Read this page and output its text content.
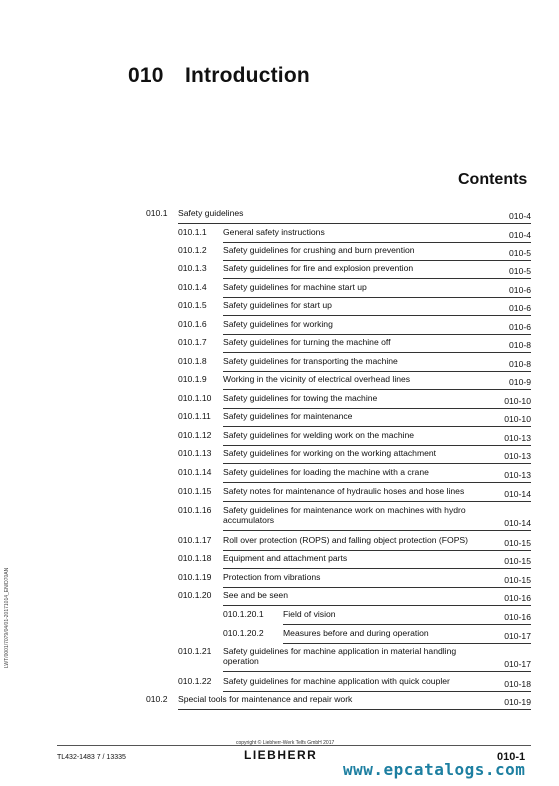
010 Introduction
Contents
010.1 Safety guidelines	010-4
010.1.1 General safety instructions	010-4
010.1.2 Safety guidelines for crushing and burn prevention	010-5
010.1.3 Safety guidelines for fire and explosion prevention	010-5
010.1.4 Safety guidelines for machine start up	010-6
010.1.5 Safety guidelines for start up	010-6
010.1.6 Safety guidelines for working	010-6
010.1.7 Safety guidelines for turning the machine off	010-8
010.1.8 Safety guidelines for transporting the machine	010-8
010.1.9 Working in the vicinity of electrical overhead lines	010-9
010.1.10 Safety guidelines for towing the machine	010-10
010.1.11 Safety guidelines for maintenance	010-10
010.1.12 Safety guidelines for welding work on the machine	010-13
010.1.13 Safety guidelines for working on the working attachment	010-13
010.1.14 Safety guidelines for loading the machine with a crane	010-13
010.1.15 Safety notes for maintenance of hydraulic hoses and hose lines	010-14
010.1.16 Safety guidelines for maintenance work on machines with hydro accumulators	010-14
010.1.17 Roll over protection (ROPS) and falling object protection (FOPS)	010-15
010.1.18 Equipment and attachment parts	010-15
010.1.19 Protection from vibrations	010-15
010.1.20 See and be seen	010-16
010.1.20.1 Field of vision	010-16
010.1.20.2 Measures before and during operation	010-17
010.1.21 Safety guidelines for machine application in material handling operation	010-17
010.1.22 Safety guidelines for machine application with quick coupler	010-18
010.2 Special tools for maintenance and repair work	010-19
LWT/0001/7079/04/01-20171014_EN/D70AN
copyright © Liebherr-Werk Telfs GmbH 2017
TL432-1483 7 / 13335	LIEBHERR	010-1
www.epcatalogs.com
